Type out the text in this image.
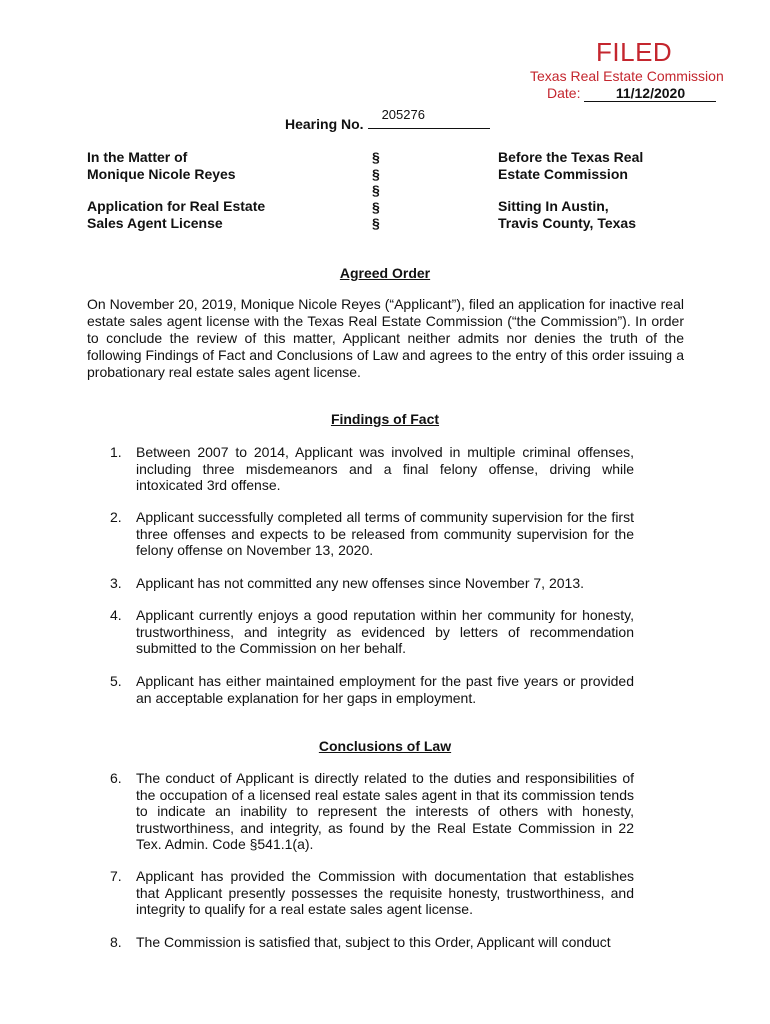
FILED
Texas Real Estate Commission
Date:	11/12/2020
Hearing No.
205276
In the Matter of
Monique Nicole Reyes
Application for Real Estate
Sales Agent License
§
§
§
§
§
Before the Texas Real
Estate Commission
Sitting In Austin,
Travis County, Texas
Agreed Order

On November 20, 2019, Monique Nicole Reyes (“Applicant”), filed an application for inactive real estate sales agent license with the Texas Real Estate Commission (“the Commission”). In order to conclude the review of this matter, Applicant neither admits nor denies the truth of the following Findings of Fact and Conclusions of Law and agrees to the entry of this order issuing a probationary real estate sales agent license.

Findings of Fact
1. Between 2007 to 2014, Applicant was involved in multiple criminal offenses, including three misdemeanors and a final felony offense, driving while intoxicated 3rd offense.
2. Applicant successfully completed all terms of community supervision for the first three offenses and expects to be released from community supervision for the felony offense on November 13, 2020.
3. Applicant has not committed any new offenses since November 7, 2013.
4. Applicant currently enjoys a good reputation within her community for honesty, trustworthiness, and integrity as evidenced by letters of recommendation submitted to the Commission on her behalf.
5. Applicant has either maintained employment for the past five years or provided an acceptable explanation for her gaps in employment.
Conclusions of Law
6. The conduct of Applicant is directly related to the duties and responsibilities of the occupation of a licensed real estate sales agent in that its commission tends to indicate an inability to represent the interests of others with honesty, trustworthiness, and integrity, as found by the Real Estate Commission in 22 Tex. Admin. Code §541.1(a).
7. Applicant has provided the Commission with documentation that establishes that Applicant presently possesses the requisite honesty, trustworthiness, and integrity to qualify for a real estate sales agent license.
8. The Commission is satisfied that, subject to this Order, Applicant will conduct
